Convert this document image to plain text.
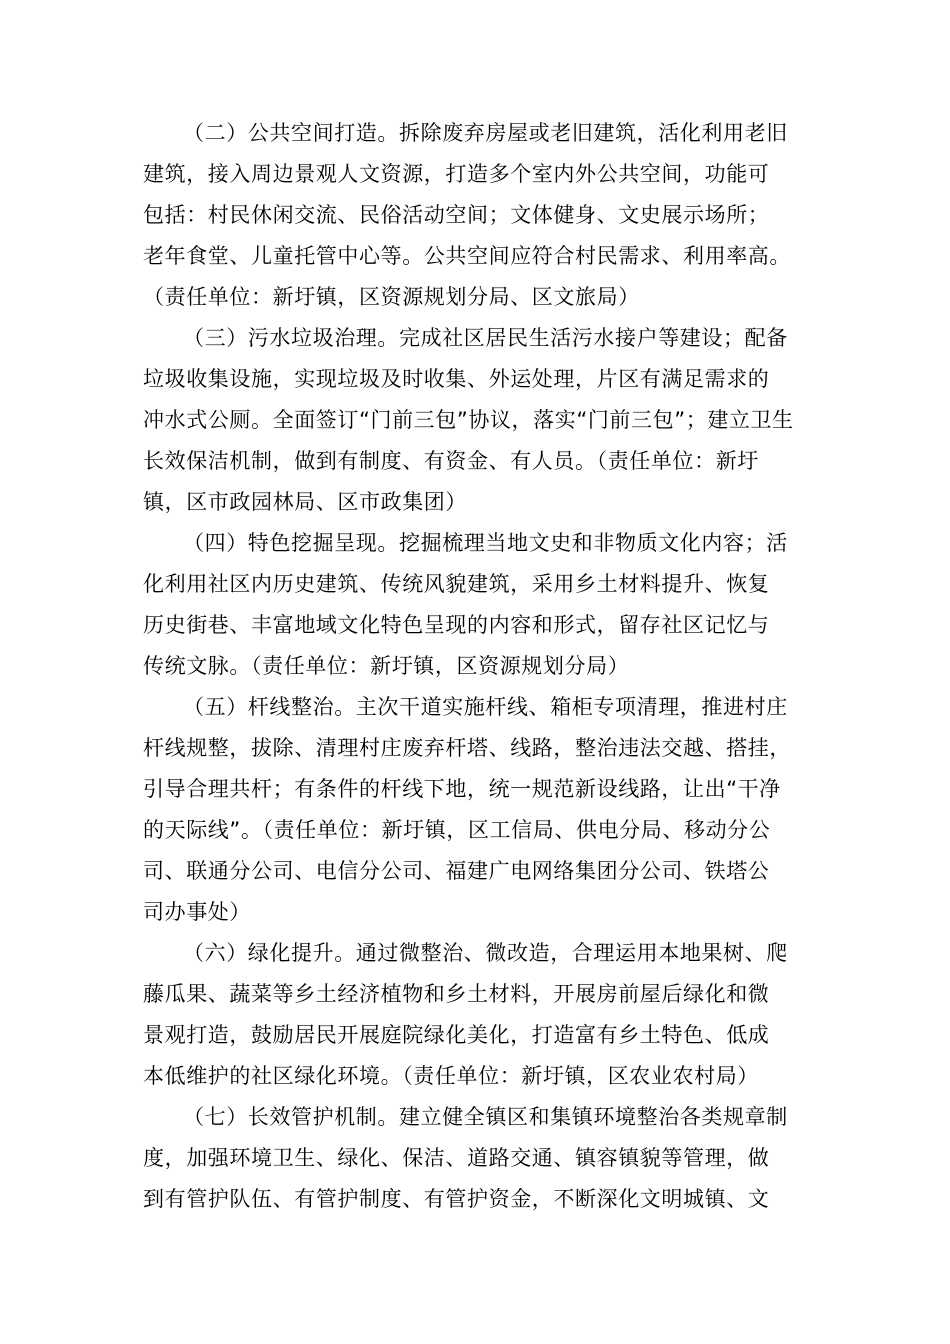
（二）公共空间打造。拆除废弃房屋或老旧建筑，活化利用老旧
建筑，接入周边景观人文资源，打造多个室内外公共空间，功能可
包括：村民休闲交流、民俗活动空间；文体健身、文史展示场所；
老年食堂、儿童托管中心等。公共空间应符合村民需求、利用率高。
（责任单位：新圩镇，区资源规划分局、区文旅局）
（三）污水垃圾治理。完成社区居民生活污水接户等建设；配备
垃圾收集设施，实现垃圾及时收集、外运处理，片区有满足需求的
冲水式公厕。全面签订“门前三包”协议，落实“门前三包”；建立卫生
长效保洁机制，做到有制度、有资金、有人员。（责任单位：新圩
镇，区市政园林局、区市政集团）
（四）特色挖掘呈现。挖掘梳理当地文史和非物质文化内容；活
化利用社区内历史建筑、传统风貌建筑，采用乡土材料提升、恢复
历史街巷、丰富地域文化特色呈现的内容和形式，留存社区记忆与
传统文脉。（责任单位：新圩镇，区资源规划分局）
（五）杆线整治。主次干道实施杆线、箱柜专项清理，推进村庄
杆线规整，拔除、清理村庄废弃杆塔、线路，整治违法交越、搭挂，
引导合理共杆；有条件的杆线下地，统一规范新设线路，让出“干净
的天际线”。（责任单位：新圩镇，区工信局、供电分局、移动分公
司、联通分公司、电信分公司、福建广电网络集团分公司、铁塔公
司办事处）
（六）绿化提升。通过微整治、微改造，合理运用本地果树、爬
藤瓜果、蔬菜等乡土经济植物和乡土材料，开展房前屋后绿化和微
景观打造，鼓励居民开展庭院绿化美化，打造富有乡土特色、低成
本低维护的社区绿化环境。（责任单位：新圩镇，区农业农村局）
（七）长效管护机制。建立健全镇区和集镇环境整治各类规章制
度，加强环境卫生、绿化、保洁、道路交通、镇容镇貌等管理，做
到有管护队伍、有管护制度、有管护资金，不断深化文明城镇、文
